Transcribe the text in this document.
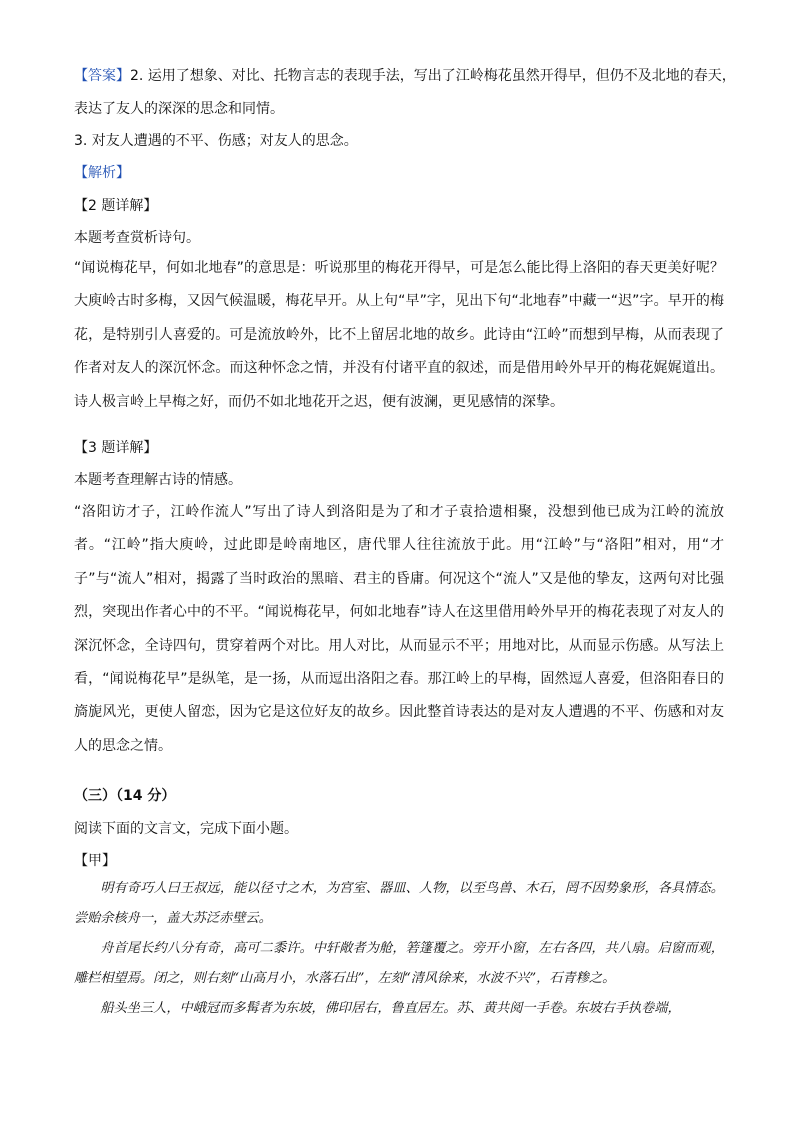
【答案】2. 运用了想象、对比、托物言志的表现手法，写出了江岭梅花虽然开得早，但仍不及北地的春天，
表达了友人的深深的思念和同情。
3. 对友人遭遇的不平、伤感；对友人的思念。
【解析】
【2 题详解】
本题考查赏析诗句。

“闻说梅花早，何如北地春”的意思是：听说那里的梅花开得早，可是怎么能比得上洛阳的春天更美好呢？大庾岭古时多梅，又因气候温暖，梅花早开。从上句“早”字，见出下句“北地春”中藏一“迟”字。早开的梅花，是特别引人喜爱的。可是流放岭外，比不上留居北地的故乡。此诗由“江岭”而想到早梅，从而表现了作者对友人的深沉怀念。而这种怀念之情，并没有付诸平直的叙述，而是借用岭外早开的梅花娓娓道出。诗人极言岭上早梅之好，而仍不如北地花开之迟，便有波澜，更见感情的深挚。

【3 题详解】
本题考查理解古诗的情感。

“洛阳访才子，江岭作流人”写出了诗人到洛阳是为了和才子袁拾遗相聚，没想到他已成为江岭的流放者。“江岭”指大庾岭，过此即是岭南地区，唐代罪人往往流放于此。用“江岭”与“洛阳”相对，用“才子”与“流人”相对，揭露了当时政治的黑暗、君主的昏庸。何况这个“流人”又是他的挚友，这两句对比强烈，突现出作者心中的不平。“闻说梅花早，何如北地春”诗人在这里借用岭外早开的梅花表现了对友人的深沉怀念，全诗四句，贯穿着两个对比。用人对比，从而显示不平；用地对比，从而显示伤感。从写法上看，“闻说梅花早”是纵笔，是一扬，从而逗出洛阳之春。那江岭上的早梅，固然逗人喜爱，但洛阳春日的旖旎风光，更使人留恋，因为它是这位好友的故乡。因此整首诗表达的是对友人遭遇的不平、伤感和对友人的思念之情。

（三）（14 分）
阅读下面的文言文，完成下面小题。
【甲】

明有奇巧人曰王叔远，能以径寸之木，为宫室、器皿、人物，以至鸟兽、木石，罔不因势象形，各具情态。尝贻余核舟一，盖大苏泛赤壁云。

舟首尾长约八分有奇，高可二黍许。中轩敞者为舱，箬篷覆之。旁开小窗，左右各四，共八扇。启窗而观，雕栏相望焉。闭之，则右刻“山高月小，水落石出”，左刻“清风徐来，水波不兴”，石青糁之。

船头坐三人，中峨冠而多髯者为东坡，佛印居右，鲁直居左。苏、黄共阅一手卷。东坡右手执卷端，
